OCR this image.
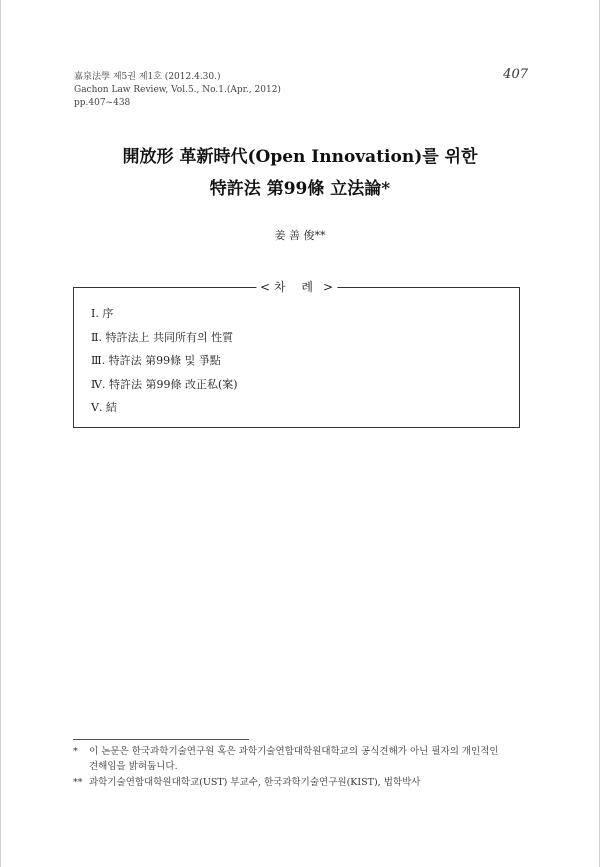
嘉泉法學 제5권 제1호 (2012.4.30.)
Gachon Law Review, Vol.5., No.1.(Apr., 2012)
pp.407~438
407
開放形 革新時代(Open Innovation)를 위한
特許法 第99條 立法論*
姜 善 俊**
< 차 례 >
Ⅰ. 序
Ⅱ. 特許法上 共同所有의 性質
Ⅲ. 特許法 第99條 및 爭點
Ⅳ. 特許法 第99條 改正私(案)
Ⅴ. 結
* 이 논문은 한국과학기술연구원 혹은 과학기술연합대학원대학교의 공식견해가 아닌 필자의 개인적인
견해임을 밝혀둡니다.
** 과학기술연합대학원대학교(UST) 부교수, 한국과학기술연구원(KIST), 법학박사
